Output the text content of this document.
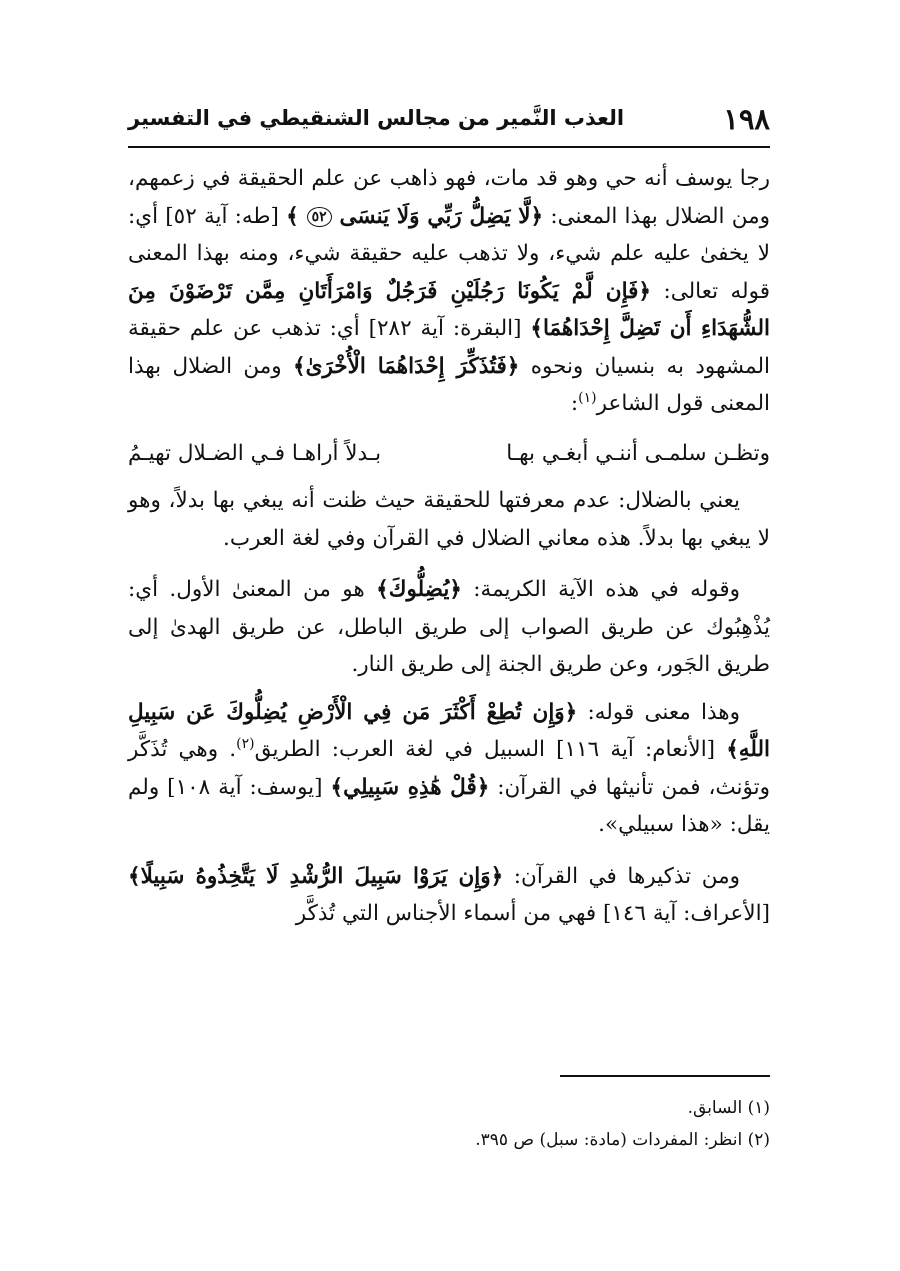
١٩٨
العذب النَّمير من مجالس الشنقيطي في التفسير

رجا يوسف أنه حي وهو قد مات، فهو ذاهب عن علم الحقيقة في زعمهم، ومن الضلال بهذا المعنى: ﴿لَّا يَضِلُّ رَبِّي وَلَا يَنسَى ٥٢ ﴾ [طه: آية ٥٢] أي: لا يخفىٰ عليه علم شيء، ولا تذهب عليه حقيقة شيء، ومنه بهذا المعنى قوله تعالى: ﴿فَإِن لَّمْ يَكُونَا رَجُلَيْنِ فَرَجُلٌ وَامْرَأَتَانِ مِمَّن تَرْضَوْنَ مِنَ الشُّهَدَاءِ أَن تَضِلَّ إِحْدَاهُمَا﴾ [البقرة: آية ٢٨٢] أي: تذهب عن علم حقيقة المشهود به بنسيان ونحوه ﴿فَتُذَكِّرَ إِحْدَاهُمَا الْأُخْرَىٰ﴾ ومن الضلال بهذا المعنى قول الشاعر$^{(١)}$:

وتظـن سلمـى أننـي أبغـي بهـا
بـدلاً أراهـا فـي الضـلال تهيـمُ

يعني بالضلال: عدم معرفتها للحقيقة حيث ظنت أنه يبغي بها بدلاً، وهو لا يبغي بها بدلاً. هذه معاني الضلال في القرآن وفي لغة العرب.

وقوله في هذه الآية الكريمة: ﴿يُضِلُّوكَ﴾ هو من المعنىٰ الأول. أي: يُذْهِبُوك عن طريق الصواب إلى طريق الباطل، عن طريق الهدىٰ إلى طريق الجَور، وعن طريق الجنة إلى طريق النار.

وهذا معنى قوله: ﴿وَإِن تُطِعْ أَكْثَرَ مَن فِي الْأَرْضِ يُضِلُّوكَ عَن سَبِيلِ اللَّهِ﴾ [الأنعام: آية ١١٦] السبيل في لغة العرب: الطريق$^{(٢)}$. وهي تُذَكَّر وتؤنث، فمن تأنيثها في القرآن: ﴿قُلْ هَٰذِهِ سَبِيلِي﴾ [يوسف: آية ١٠٨] ولم يقل: «هذا سبيلي».

ومن تذكيرها في القرآن: ﴿وَإِن يَرَوْا سَبِيلَ الرُّشْدِ لَا يَتَّخِذُوهُ سَبِيلًا﴾ [الأعراف: آية ١٤٦] فهي من أسماء الأجناس التي تُذكَّر

(١) السابق.

(٢) انظر: المفردات (مادة: سبل) ص ٣٩٥.
